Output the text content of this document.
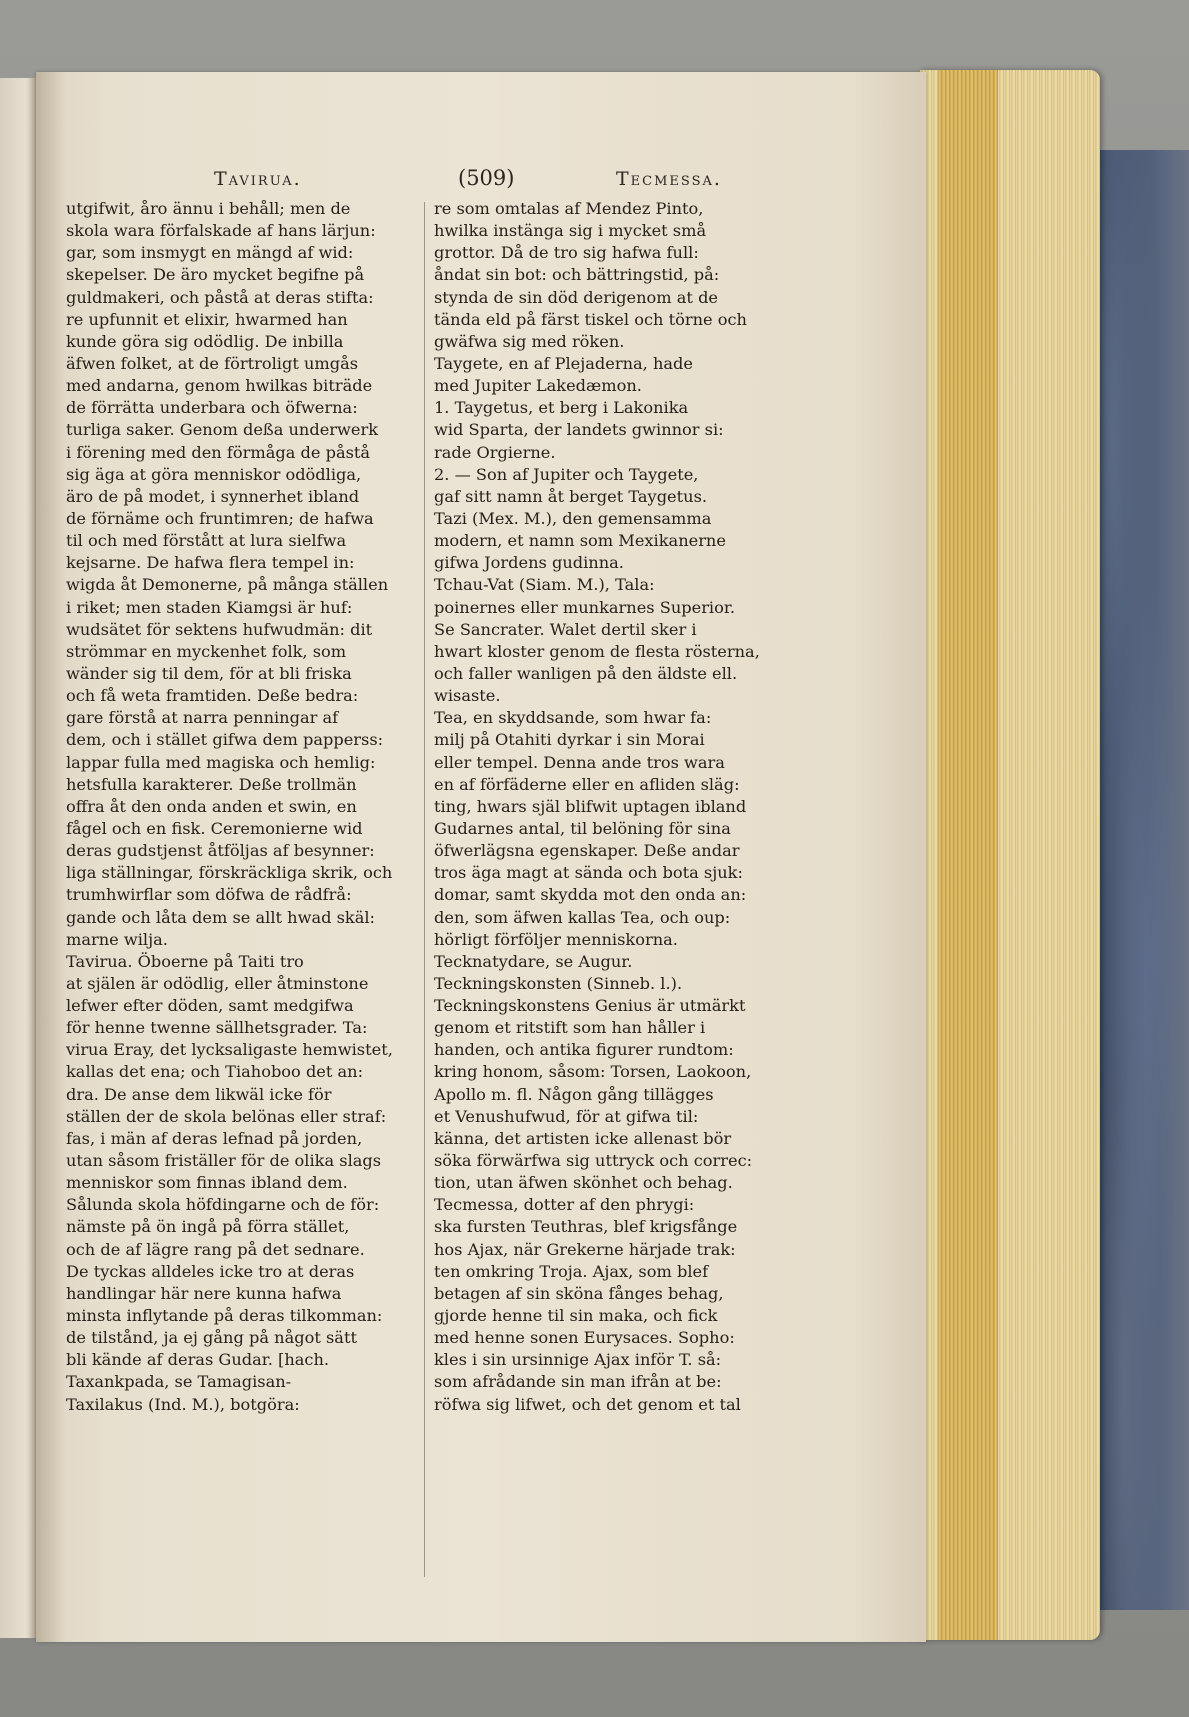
Tavirua.	(509)	Tecmessa.
utgifwit, åro ännu i behåll; men de
skola wara förfalskade af hans lärjun:
gar, som insmygt en mängd af wid:
skepelser. De äro mycket begifne på
guldmakeri, och påstå at deras stifta:
re upfunnit et elixir, hwarmed han
kunde göra sig odödlig. De inbilla
äfwen folket, at de förtroligt umgås
med andarna, genom hwilkas biträde
de förrätta underbara och öfwerna:
turliga saker. Genom deßa underwerk
i förening med den förmåga de påstå
sig äga at göra menniskor odödliga,
äro de på modet, i synnerhet ibland
de förnäme och fruntimren; de hafwa
til och med förstått at lura sielfwa
kejsarne. De hafwa flera tempel in:
wigda åt Demonerne, på många ställen
i riket; men staden Kiamgsi är huf:
wudsätet för sektens hufwudmän: dit
strömmar en myckenhet folk, som
wänder sig til dem, för at bli friska
och få weta framtiden. Deße bedra:
gare förstå at narra penningar af
dem, och i stället gifwa dem papperss:
lappar fulla med magiska och hemlig:
hetsfulla karakterer. Deße trollmän
offra åt den onda anden et swin, en
fågel och en fisk. Ceremonierne wid
deras gudstjenst åtföljas af besynner:
liga ställningar, förskräckliga skrik, och
trumhwirflar som döfwa de rådfrå:
gande och låta dem se allt hwad skäl:
marne wilja.
Tavirua. Öboerne på Taiti tro
at själen är odödlig, eller åtminstone
lefwer efter döden, samt medgifwa
för henne twenne sällhetsgrader. Ta:
virua Eray, det lycksaligaste hemwistet,
kallas det ena; och Tiahoboo det an:
dra. De anse dem likwäl icke för
ställen der de skola belönas eller straf:
fas, i män af deras lefnad på jorden,
utan såsom friställer för de olika slags
menniskor som finnas ibland dem.
Sålunda skola höfdingarne och de för:
nämste på ön ingå på förra stället,
och de af lägre rang på det sednare.
De tyckas alldeles icke tro at deras
handlingar här nere kunna hafwa
minsta inflytande på deras tilkomman:
de tilstånd, ja ej gång på något sätt
bli kände af deras Gudar. [hach.
Taxankpada, se Tamagisan-
Taxilakus (Ind. M.), botgöra:
re som omtalas af Mendez Pinto,
hwilka instänga sig i mycket små
grottor. Då de tro sig hafwa full:
åndat sin bot: och bättringstid, på:
stynda de sin död derigenom at de
tända eld på färst tiskel och törne och
gwäfwa sig med röken.
Taygete, en af Plejaderna, hade
med Jupiter Lakedæmon.
1. Taygetus, et berg i Lakonika
wid Sparta, der landets gwinnor si:
rade Orgierne.
2. — Son af Jupiter och Taygete,
gaf sitt namn åt berget Taygetus.
Tazi (Mex. M.), den gemensamma
modern, et namn som Mexikanerne
gifwa Jordens gudinna.
Tchau-Vat (Siam. M.), Tala:
poinernes eller munkarnes Superior.
Se Sancrater. Walet dertil sker i
hwart kloster genom de flesta rösterna,
och faller wanligen på den äldste ell.
wisaste.
Tea, en skyddsande, som hwar fa:
milj på Otahiti dyrkar i sin Morai
eller tempel. Denna ande tros wara
en af förfäderne eller en afliden släg:
ting, hwars själ blifwit uptagen ibland
Gudarnes antal, til belöning för sina
öfwerlägsna egenskaper. Deße andar
tros äga magt at sända och bota sjuk:
domar, samt skydda mot den onda an:
den, som äfwen kallas Tea, och oup:
hörligt förföljer menniskorna.
Tecknatydare, se Augur.
Teckningskonsten (Sinneb. l.).
Teckningskonstens Genius är utmärkt
genom et ritstift som han håller i
handen, och antika figurer rundtom:
kring honom, såsom: Torsen, Laokoon,
Apollo m. fl. Någon gång tillägges
et Venushufwud, för at gifwa til:
känna, det artisten icke allenast bör
söka förwärfwa sig uttryck och correc:
tion, utan äfwen skönhet och behag.
Tecmessa, dotter af den phrygi:
ska fursten Teuthras, blef krigsfånge
hos Ajax, när Grekerne härjade trak:
ten omkring Troja. Ajax, som blef
betagen af sin sköna fånges behag,
gjorde henne til sin maka, och fick
med henne sonen Eurysaces. Sopho:
kles i sin ursinnige Ajax inför T. så:
som afrådande sin man ifrån at be:
röfwa sig lifwet, och det genom et tal
